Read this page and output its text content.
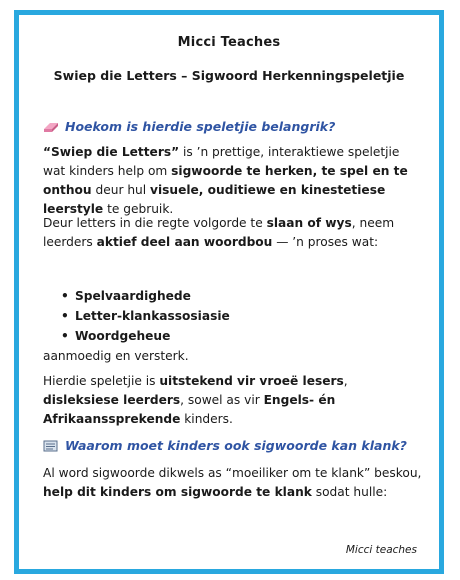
Micci Teaches
Swiep die Letters – Sigwoord Herkenningspeletjie
Hoekom is hierdie speletjie belangrik?
“Swiep die Letters” is ’n prettige, interaktiewe speletjie wat kinders help om sigwoorde te herken, te spel en te onthou deur hul visuele, ouditiewe en kinestetiese leerstyle te gebruik.
Deur letters in die regte volgorde te slaan of wys, neem leerders aktief deel aan woordbou — ’n proses wat:
• Spelvaardighede
• Letter-klankassosiasie
• Woordgeheue
aanmoedig en versterk.
Hierdie speletjie is uitstekend vir vroeë lesers, disleksiese leerders, sowel as vir Engels- én Afrikaanssprekende kinders.
Waarom moet kinders ook sigwoorde kan klank?
Al word sigwoorde dikwels as “moeiliker om te klank” beskou, help dit kinders om sigwoorde te klank sodat hulle:
Micci teaches
